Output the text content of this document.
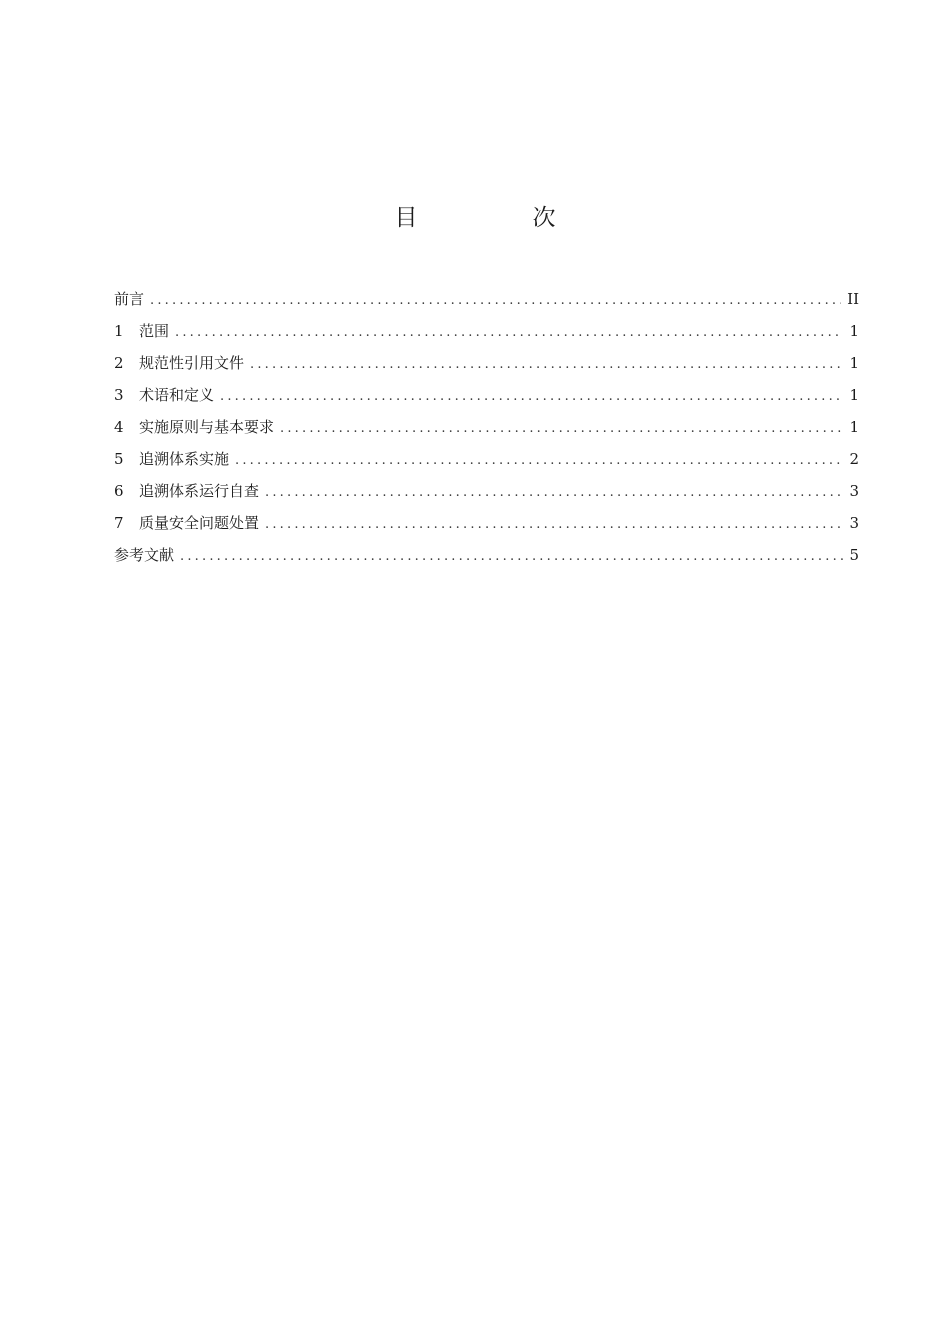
目　次
前言 .....	II
1	范围 .....	1
2	规范性引用文件 .....	1
3	术语和定义 .....	1
4	实施原则与基本要求 .....	1
5	追溯体系实施 .....	2
6	追溯体系运行自查 .....	3
7	质量安全问题处置 .....	3
参考文献 .....	5
